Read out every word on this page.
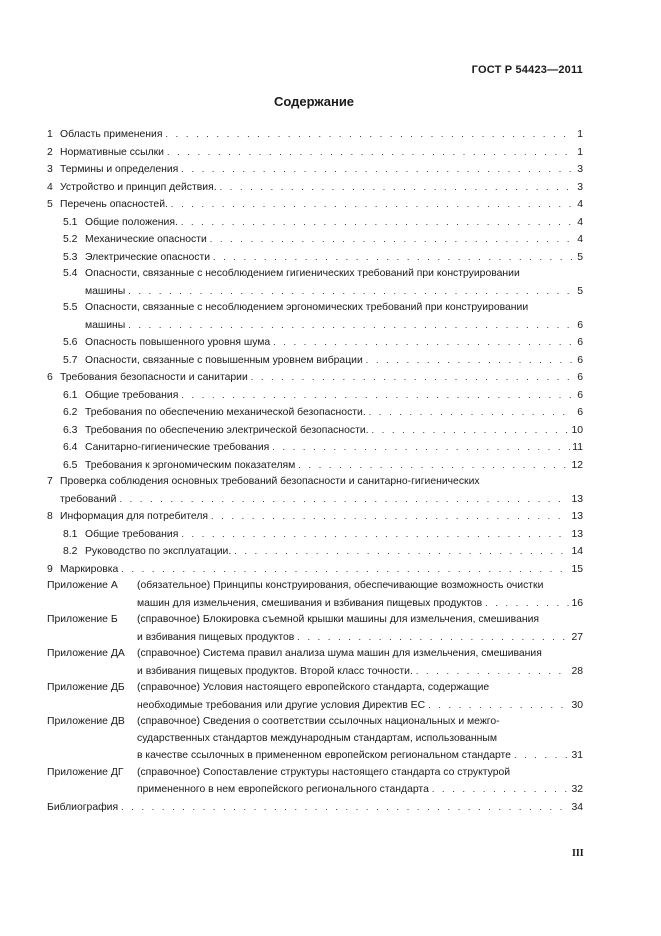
ГОСТ Р 54423—2011
Содержание
1 Область применения . . .	1
2 Нормативные ссылки . . .	1
3 Термины и определения . . .	3
4 Устройство и принцип действия. . . .	3
5 Перечень опасностей. . . .	4
5.1 Общие положения. . . .	4
5.2 Механические опасности . . .	4
5.3 Электрические опасности . . .	5
5.4 Опасности, связанные с несоблюдением гигиенических требований при конструировании
машины . . .	5
5.5 Опасности, связанные с несоблюдением эргономических требований при конструировании
машины . . .	6
5.6 Опасность повышенного уровня шума . . .	6
5.7 Опасности, связанные с повышенным уровнем вибрации . . .	6
6 Требования безопасности и санитарии . . .	6
6.1 Общие требования . . .	6
6.2 Требования по обеспечению механической безопасности. . . .	6
6.3 Требования по обеспечению электрической безопасности. . . .	10
6.4 Санитарно-гигиенические требования . . .	11
6.5 Требования к эргономическим показателям . . .	12
7 Проверка соблюдения основных требований безопасности и санитарно-гигиенических
требований . . .	13
8 Информация для потребителя . . .	13
8.1 Общие требования . . .	13
8.2 Руководство по эксплуатации. . . .	14
9 Маркировка . . .	15
Приложение А	(обязательное) Принципы конструирования, обеспечивающие возможность очистки
машин для измельчения, смешивания и взбивания пищевых продуктов . . .	16
Приложение Б	(справочное) Блокировка съемной крышки машины для измельчения, смешивания
и взбивания пищевых продуктов . . .	27
Приложение ДА	(справочное) Система правил анализа шума машин для измельчения, смешивания
и взбивания пищевых продуктов. Второй класс точности. . . .	28
Приложение ДБ	(справочное) Условия настоящего европейского стандарта, содержащие
необходимые требования или другие условия Директив ЕС . . .	30
Приложение ДВ	(справочное) Сведения о соответствии ссылочных национальных и межго-
сударственных стандартов международным стандартам, использованным
в качестве ссылочных в примененном европейском региональном стандарте . . .	31
Приложение ДГ	(справочное) Сопоставление структуры настоящего стандарта со структурой
примененного в нем европейского регионального стандарта . . .	32
Библиография . . .	34
III
